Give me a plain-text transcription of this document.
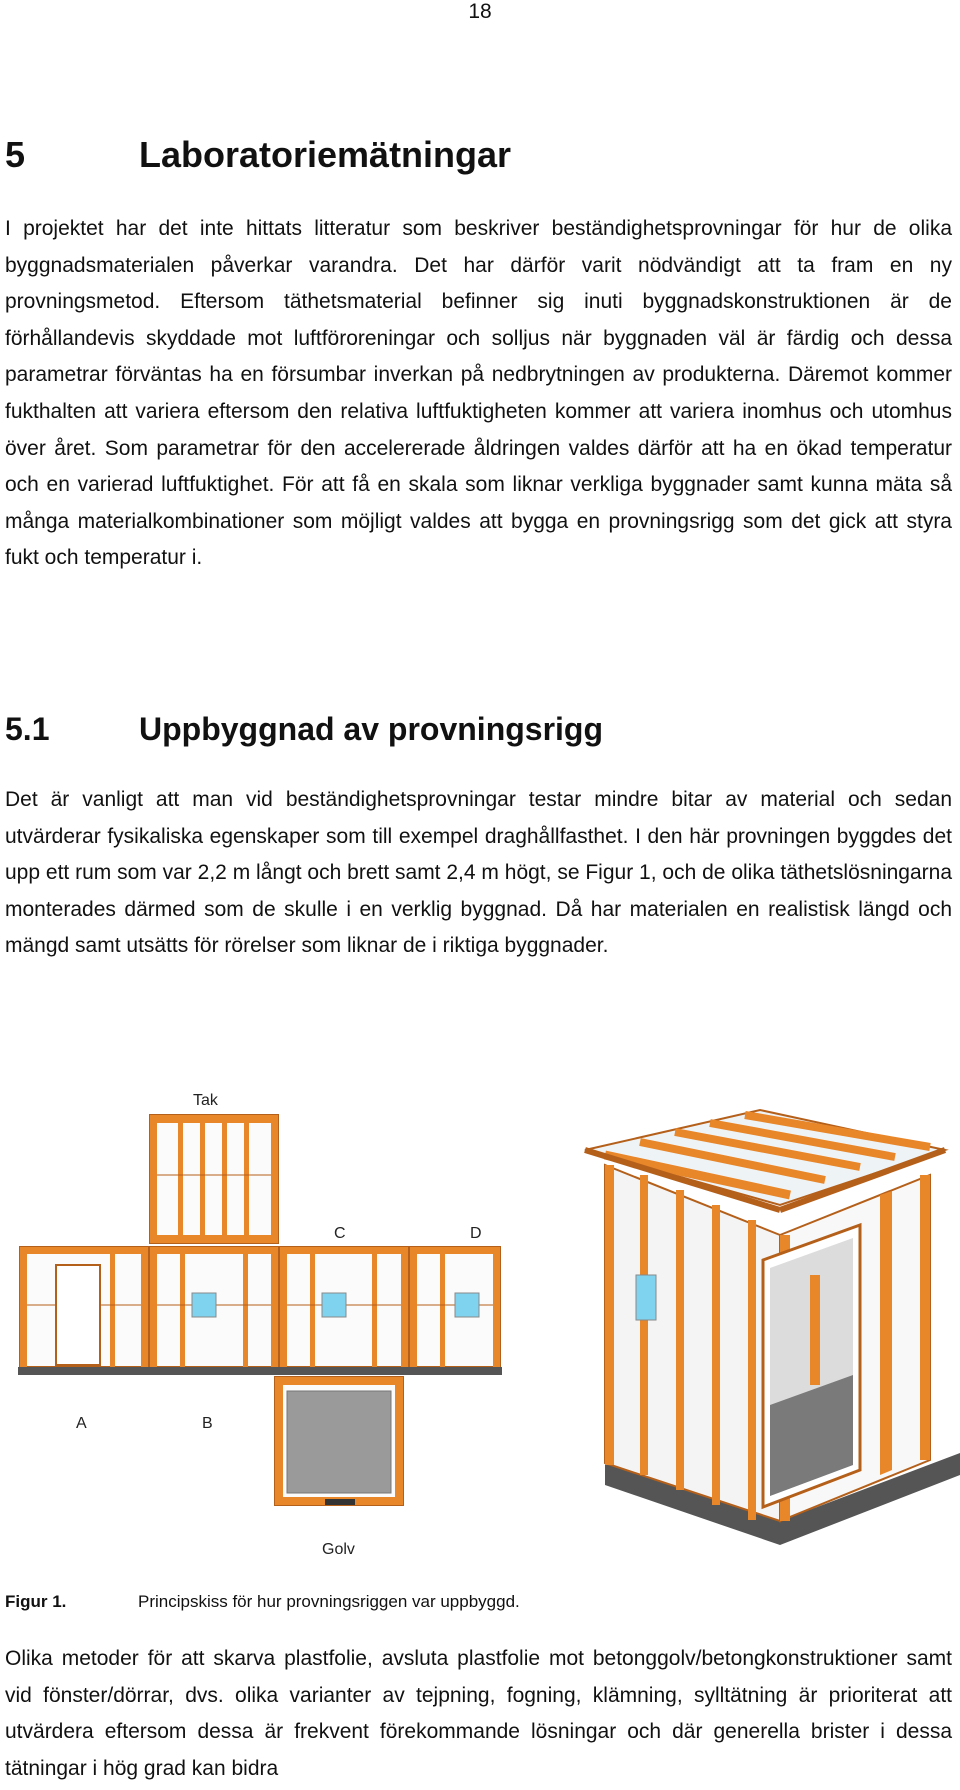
18
5	Laboratoriemätningar

I projektet har det inte hittats litteratur som beskriver beständighetsprovningar för hur de olika byggnadsmaterialen påverkar varandra. Det har därför varit nödvändigt att ta fram en ny provningsmetod. Eftersom täthetsmaterial befinner sig inuti byggnadskonstruktionen är de förhållandevis skyddade mot luftföroreningar och solljus när byggnaden väl är färdig och dessa parametrar förväntas ha en försumbar inverkan på nedbrytningen av produkterna. Däremot kommer fukthalten att variera eftersom den relativa luftfuktigheten kommer att variera inomhus och utomhus över året. Som parametrar för den accelererade åldringen valdes därför att ha en ökad temperatur och en varierad luftfuktighet. För att få en skala som liknar verkliga byggnader samt kunna mäta så många materialkombinationer som möjligt valdes att bygga en provningsrigg som det gick att styra fukt och temperatur i.

5.1	Uppbyggnad av provningsrigg

Det är vanligt att man vid beständighetsprovningar testar mindre bitar av material och sedan utvärderar fysikaliska egenskaper som till exempel draghållfasthet. I den här provningen byggdes det upp ett rum som var 2,2 m långt och brett samt 2,4 m högt, se Figur 1, och de olika täthetslösningarna monterades därmed som de skulle i en verklig byggnad. Då har materialen en realistisk längd och mängd samt utsätts för rörelser som liknar de i riktiga byggnader.

Tak
A	B
C	D
Golv
Figur 1.	Principskiss för hur provningsriggen var uppbyggd.

Olika metoder för att skarva plastfolie, avsluta plastfolie mot betonggolv/betongkonstruktioner samt vid fönster/dörrar, dvs. olika varianter av tejpning, fogning, klämning, sylltätning är prioriterat att utvärdera eftersom dessa är frekvent förekommande lösningar och där generella brister i dessa tätningar i hög grad kan bidra
